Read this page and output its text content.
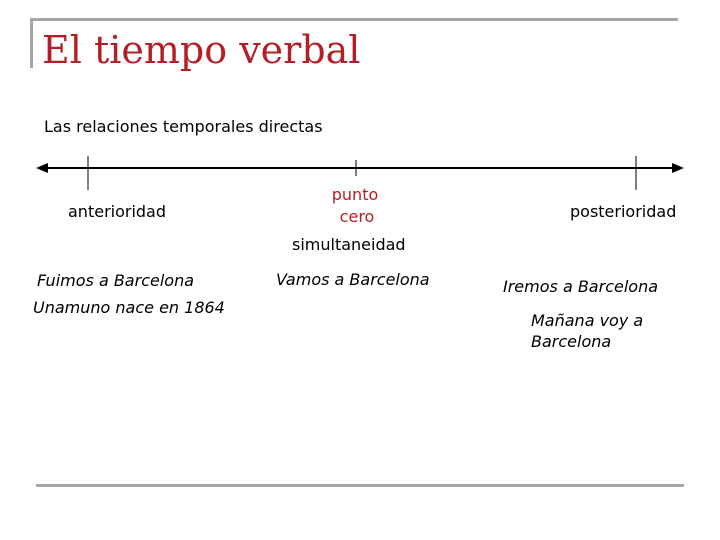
El tiempo verbal
Las relaciones temporales directas
anterioridad
punto
cero	posterioridad
simultaneidad
Fuimos a Barcelona
Unamuno nace en 1864
Vamos a Barcelona	Iremos a Barcelona
Mañana voy a
Barcelona
